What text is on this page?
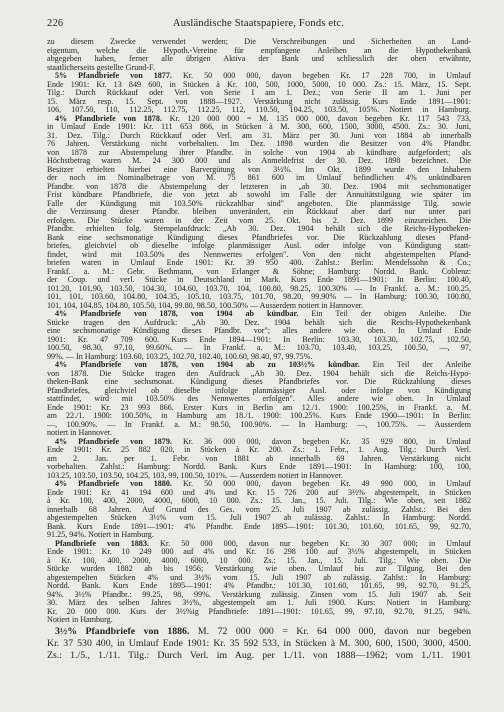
226	Ausländische Staatspapiere, Fonds etc.
zu diesem Zwecke verwendet werden; Die Verschreibungen und Sicherheiten an Land-
eigentum, welche die Hypoth.-Vereine für empfangene Anleihen an die Hypothekenbank
abgegeben haben, ferner alle übrigen Aktiva der Bank und schliesslich der oben erwähnte,
staatlicherseits gestellte Grund-F.
5% Pfandbriefe von 1877. Kr. 50 000 000, davon begeben Kr. 17 228 700, in Umlauf
Ende 1901: Kr. 13 849 600, in Stücken à Kr. 100, 500, 1000, 5000, 10 000. Zs.: 15. März, 15. Sept.
Tilg.: Durch Rückkauf oder Verl. von Serie I am 1. Dez.; von Serie II am 1. Juni per
15. März resp. 15. Sept. von 1888—1927. Verstärkung nicht zulässig. Kurs Ende 1891—1901:
106, 107.50, 110, 112.25, 112.75, 112.25, 112, 110.50, 104.25, 103.50, 105%. Notiert in Hamburg.
4% Pfandbriefe von 1878. Kr. 120 000 000 = M. 135 000 000, davon begeben Kr. 117 543 733,
in Umlauf Ende 1901: Kr. 111 653 866, in Stücken à M. 300, 600, 1500, 3000, 4500. Zs.: 30. Juni,
31. Dez. Tilg.: Durch Rückkauf oder Verl. am 31. März per 30. Juni von 1884 ab innerhalb
76 Jahren. Verstärkung nicht vorbehalten. Im Dez. 1898 wurden die Besitzer von 4% Pfandbr.
von 1878 zur Abstempelung ihrer Pfandbr. in solche von 1904 ab kündbare aufgefordert; als
Höchstbetrag waren M. 24 300 000 und als Anmeldefrist der 30. Dez. 1898 bezeichnet. Die
Besitzer erhielten hierbei eine Barvergütung von 3½%. Im Okt. 1899 wurde den Inhabern
der noch im Nominalbetrage von M. 75 861 600 im Umlauf befindlichen 4% unkündbaren
Pfandbr. von 1878 die Abstempelung der letzteren in „ab 30. Dez. 1904 mit sechsmonatiger
Frist kündbare Pfandbriefe, die von jetzt ab sowohl im Falle der Annuitätstilgung wie später im
Falle der Kündigung mit 103.50% rückzahlbar sind" angeboten. Die planmässige Tilg. sowie
die Verzinsung dieser Pfandbr. bleiben unverändert, ein Rückkauf aber darf nur unter pari
erfolgen. Die Stücke waren in der Zeit vom 25. Okt. bis 2. Dez. 1899 einzureichen. Die
Pfandbr. erhielten folg. Stempelaufdruck: „Ab 30. Dez. 1904 behält sich die Reichs-Hypotheken-
Bank eine sechsmonatige Kündigung dieses Pfandbriefes vor. Die Rückzahlung dieses Pfand-
briefes, gleichviel ob dieselbe infolge planmässiger Ausl. oder infolge von Kündigung statt-
findet, wird mit 103.50% des Nennwertes erfolgen". Von den nicht abgestempelten Pfand-
briefen waren in Umlauf Ende 1901: Kr. 39 950 400. Zahlst.: Berlin: Mendelssohn & Co.;
Frankf. a. M.: Gebr. Bethmann, von Erlanger & Söhne; Hamburg: Nordd. Bank. Coblenz:
der Coup. und verl. Stücke in Deutschland in Mark. Kurs Ende 1891—1901: In Berlin: 100.40,
101.20, 101.90, 103.50, 104.30, 104.60, 103.70, 104, 100.80, 98.25, 100.30% — In Frankf. a. M.: 100.25,
101, 101, 103.60, 104.80, 104.35, 105.10, 103.75, 101.70, 98.20, 99.90% — In Hamburg: 100.30, 100.80,
101, 104, 104.85, 104.80, 105.50, 104, 99.80, 98.50, 100.50% — Ausserdem notiert in Hannover.
4% Pfandbriefe von 1878, von 1904 ab kündbar. Ein Teil der obigen Anleihe. Die
Stücke tragen den Aufdruck: „Ab 30. Dez. 1904 behält sich die Reichs-Hypothekenbank
eine sechsmonatige Kündigung dieses Pfandbr. vor"; alles andere wie oben. In Umlauf Ende
1901: Kr. 47 709 600. Kurs Ende 1894—1901: In Berlin: 103.30, 103.30, 102.75, 102.50,
100.50, 98.30, 97.10, 99.60%. — In Frankf. a. M.: 103.70, 103.40, 103.25, 100.50, —, 97,
99%. — In Hamburg: 103.60, 103.25, 102.70, 102.40, 100.60, 98.40, 97, 99.75%.
4% Pfandbriefe von 1878, von 1904 ab zu 103½% kündbar. Ein Teil der Anleihe
von 1878. Die Stücke tragen den Aufdruck „Ab 30. Dez. 1904 behält sich die Reichs-Hypo-
theken-Bank eine sechsmonat. Kündigung dieses Pfandbriefes vor. Die Rückzahlung dieses
Pfandbriefes, gleichviel ob dieselbe infolge planmässiger Ausl. oder infolge von Kündigung
stattfindet, wird mit 103.50% des Nennwertes erfolgen". Alles andere wie oben. In Umlauf
Ende 1901: Kr. 23 993 866. Erster Kurs in Berlin am 12./1. 1900: 100.25%, in Frankf. a. M.
am 22./1. 1900: 100.50%, in Hamburg am 18./1. 1900: 100.25%. Kurs Ende 1900—1901: In Berlin:
—, 100.90%. — In Frankf. a. M.: 98.50, 100.90%. — In Hamburg: —, 100.75%. — Ausserdem
notiert in Hannover.
4% Pfandbriefe von 1879. Kr. 36 000 000, davon begeben Kr. 35 929 800, in Umlauf
Ende 1901: Kr. 25 882 020, in Stücken à Kr. 200. Zs.: 1. Febr., 1. Aug. Tilg.: Durch Verl.
am 2. Jan. per 1. Febr. von 1881 ab innerhalb 69 Jahren. Verstärkung nicht
vorbehalten. Zahlst.: Hamburg: Nordd. Bank. Kurs Ende 1891—1901: In Hamburg: 100, 100,
103.25, 103.50, 103.50, 104.25, 103, 99, 100.50, 101%. — Ausserdem notiert in Hannover.
4% Pfandbriefe von 1880. Kr. 50 000 000, davon begeben Kr. 49 990 000, in Umlauf
Ende 1901: Kr. 41 194 600 und 4% und Kr. 15 726 200 auf 3½% abgestempelt, in Stücken
à Kr. 100, 400, 2000, 4000, 6000, 10 000. Zs.: 15. Jan., 15. Juli. Tilg.: Wie oben, seit 1882
innerhalb 68 Jahren. Auf Grund des Ges. vom 25. Juli 1907 ab zulässig. Zahlst.: Bei den
abgestempelten Stücken 3½% vom 15. Juli 1907 ab zulässig. Zahlst.: In Hamburg: Nordd.
Bank. Kurs Ende 1891—1901: 4% Pfandbr. Ende 1895—1901: 101.30, 101.60, 101.65, 99, 92.70,
91.25, 94%. Notiert in Hamburg.
Pfandbriefe von 1883. Kr. 50 000 000, davon nur begeben Kr. 30 307 000; in Umlauf
Ende 1901: Kr. 10 249 000 auf 4% und Kr. 16 298 100 auf 3½% abgestempelt, in Stücken
à Kr. 100, 400, 2000, 4000, 6000, 10 000. Zs.: 15. Jan., 15. Juli. Tilg.: Wie oben. Die
Stücke wurden 1882 ab bis 1956; Verstärkung wie oben. Umlauf bis zur Tilgung. Bei den
abgestempelten Stücken 4% und 3½% vom 15. Juli 1907 ab zulässig. Zahlst.: In Hamburg:
Nordd. Bank. Kurs Ende 1895—1901: 4% Pfandbr.: 101.30, 101.60, 101.65, 99, 92.70, 91.25,
94%. 3½% Pfandbr.: 99.25, 98, 99%. Verstärkung zulässig. Zinsen vom 15. Juli 1907 ab. Seit
30. März des selben Jahres 3½%, abgestempelt am 1. Juli 1900. Kurs: Notiert in Hamburg:
Kr. 20 000 000. Kurs der 3½%ig Pfandbriefe: 1891—1901: 101.65, 99, 97.10, 92.70, 91.25, 94%.
Notiert in Hamburg.
3½% Pfandbriefe von 1886. M. 72 000 000 = Kr. 64 000 000, davon nur begeben
Kr. 37 530 400, in Umlauf Ende 1901: Kr. 35 592 533, in Stücken à M. 300, 600, 1500, 3000, 4500.
Zs.: 1./5., 1./11. Tilg.: Durch Verl. im Aug. per 1./11. von 1888—1962; vom 1./11. 1901
